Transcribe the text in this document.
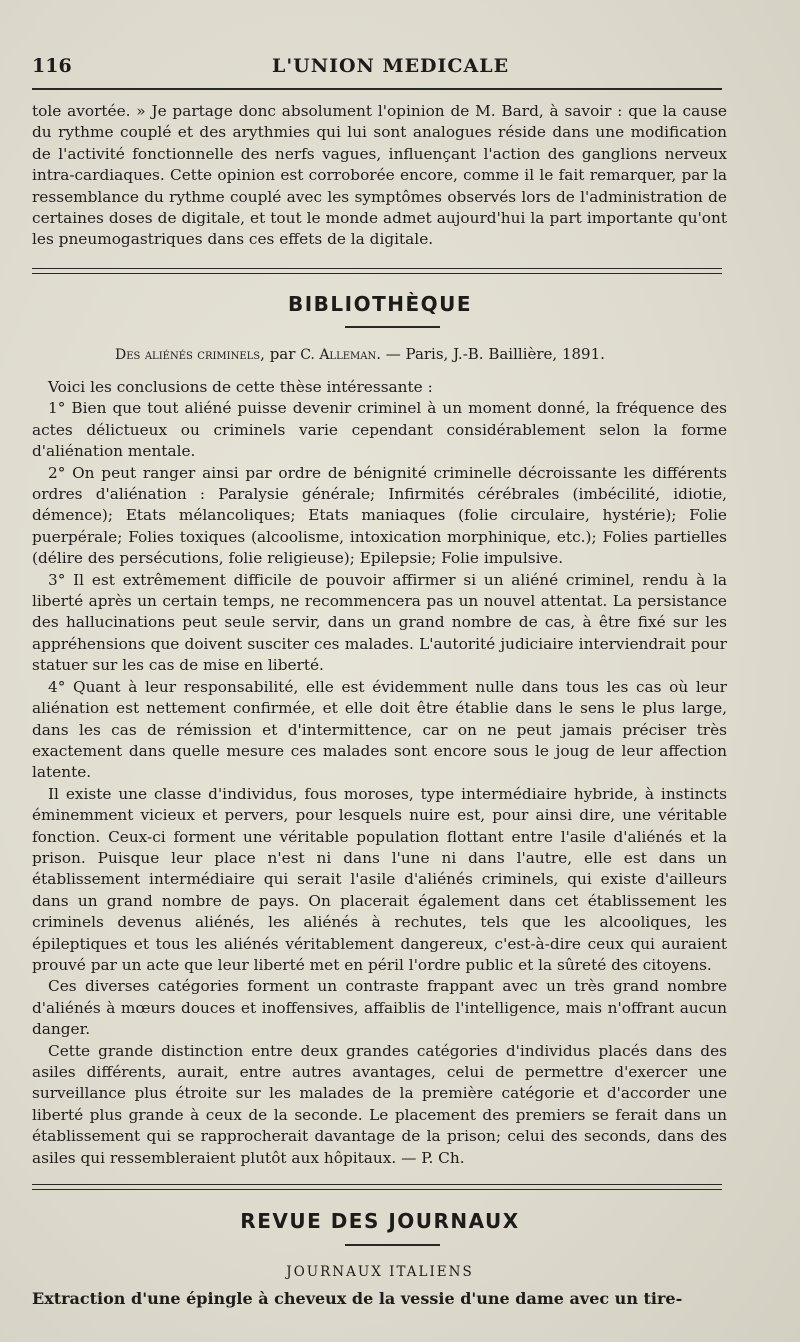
116	L'UNION MEDICALE

tole avortée. » Je partage donc absolument l'opinion de M. Bard, à savoir : que la cause du rythme couplé et des arythmies qui lui sont analogues réside dans une modification de l'activité fonctionnelle des nerfs vagues, influençant l'action des ganglions nerveux intra-cardiaques. Cette opinion est corroborée encore, comme il le fait remarquer, par la ressemblance du rythme couplé avec les symptômes observés lors de l'administration de certaines doses de digitale, et tout le monde admet aujourd'hui la part importante qu'ont les pneumogastriques dans ces effets de la digitale.

BIBLIOTHÈQUE
Des aliénés criminels, par C. Alleman. — Paris, J.-B. Baillière, 1891.

Voici les conclusions de cette thèse intéressante :

1° Bien que tout aliéné puisse devenir criminel à un moment donné, la fréquence des actes délictueux ou criminels varie cependant considérablement selon la forme d'aliénation mentale.

2° On peut ranger ainsi par ordre de bénignité criminelle décroissante les différents ordres d'aliénation : Paralysie générale; Infirmités cérébrales (imbécilité, idiotie, démence); Etats mélancoliques; Etats maniaques (folie circulaire, hystérie); Folie puerpérale; Folies toxiques (alcoolisme, intoxication morphinique, etc.); Folies partielles (délire des persécutions, folie religieuse); Epilepsie; Folie impulsive.

3° Il est extrêmement difficile de pouvoir affirmer si un aliéné criminel, rendu à la liberté après un certain temps, ne recommencera pas un nouvel attentat. La persistance des hallucinations peut seule servir, dans un grand nombre de cas, à être fixé sur les appréhensions que doivent susciter ces malades. L'autorité judiciaire interviendrait pour statuer sur les cas de mise en liberté.

4° Quant à leur responsabilité, elle est évidemment nulle dans tous les cas où leur aliénation est nettement confirmée, et elle doit être établie dans le sens le plus large, dans les cas de rémission et d'intermittence, car on ne peut jamais préciser très exactement dans quelle mesure ces malades sont encore sous le joug de leur affection latente.

Il existe une classe d'individus, fous moroses, type intermédiaire hybride, à instincts éminemment vicieux et pervers, pour lesquels nuire est, pour ainsi dire, une véritable fonction. Ceux-ci forment une véritable population flottant entre l'asile d'aliénés et la prison. Puisque leur place n'est ni dans l'une ni dans l'autre, elle est dans un établissement intermédiaire qui serait l'asile d'aliénés criminels, qui existe d'ailleurs dans un grand nombre de pays. On placerait également dans cet établissement les criminels devenus aliénés, les aliénés à rechutes, tels que les alcooliques, les épileptiques et tous les aliénés véritablement dangereux, c'est-à-dire ceux qui auraient prouvé par un acte que leur liberté met en péril l'ordre public et la sûreté des citoyens.

Ces diverses catégories forment un contraste frappant avec un très grand nombre d'aliénés à mœurs douces et inoffensives, affaiblis de l'intelligence, mais n'offrant aucun danger.

Cette grande distinction entre deux grandes catégories d'individus placés dans des asiles différents, aurait, entre autres avantages, celui de permettre d'exercer une surveillance plus étroite sur les malades de la première catégorie et d'accorder une liberté plus grande à ceux de la seconde. Le placement des premiers se ferait dans un établissement qui se rapprocherait davantage de la prison; celui des seconds, dans des asiles qui ressembleraient plutôt aux hôpitaux. — P. Ch.

REVUE DES JOURNAUX
JOURNAUX ITALIENS
Extraction d'une épingle à cheveux de la vessie d'une dame avec un tire-
